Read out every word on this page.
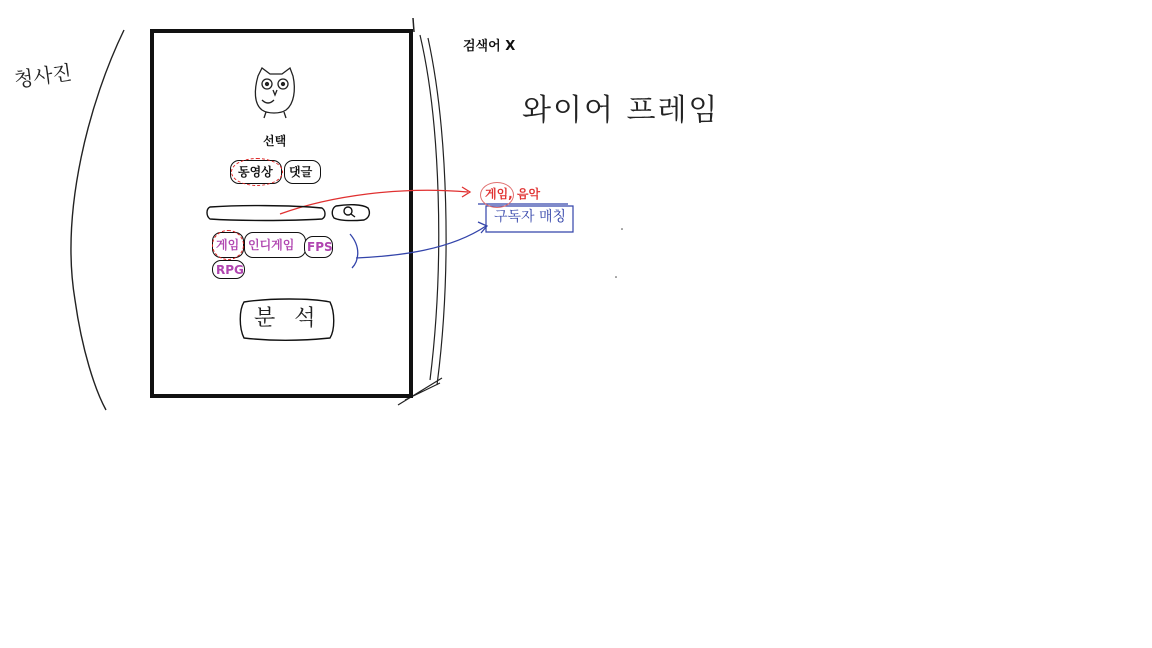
청사진
검색어 X
와이어 프레임
선택
동영상 댓글
게임 인디게임 FPS
RPG
분 석
게임, 음악
구독자 매칭
